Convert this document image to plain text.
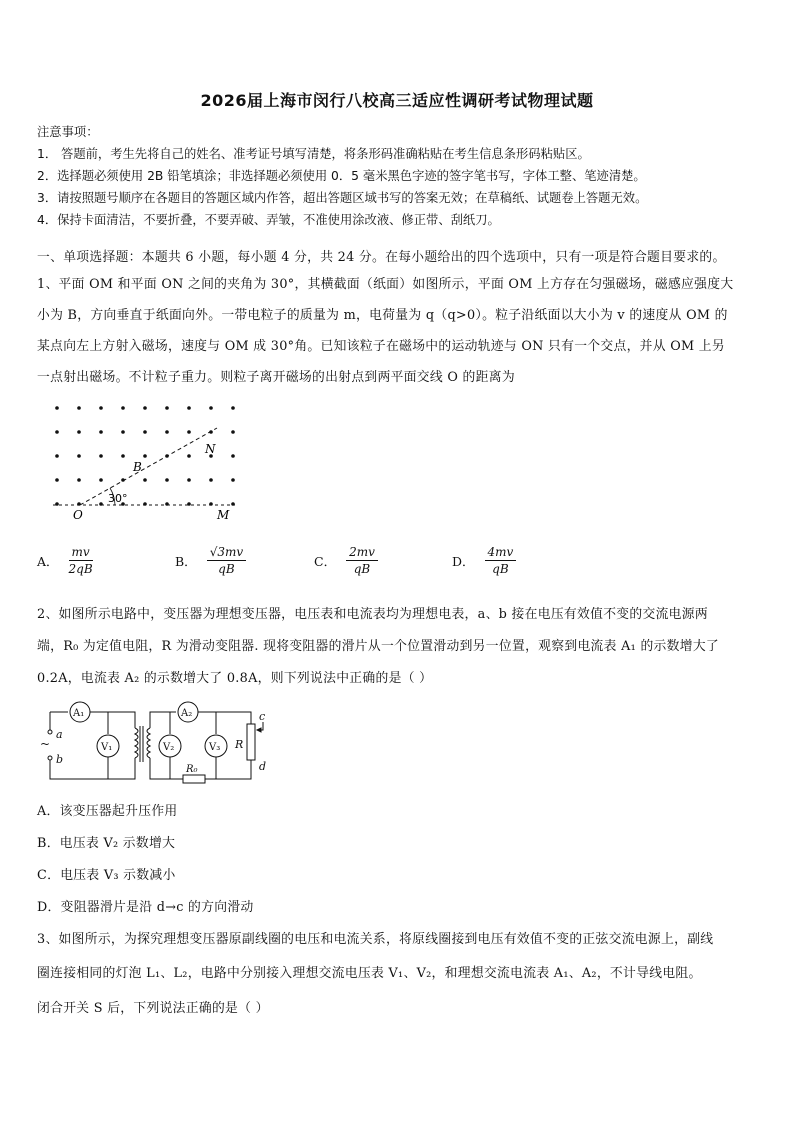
2026届上海市闵行八校高三适应性调研考试物理试题
注意事项：
1． 答题前，考生先将自己的姓名、准考证号填写清楚，将条形码准确粘贴在考生信息条形码粘贴区。
2．选择题必须使用 2B 铅笔填涂；非选择题必须使用 0．5 毫米黑色字迹的签字笔书写，字体工整、笔迹清楚。
3．请按照题号顺序在各题目的答题区域内作答，超出答题区域书写的答案无效；在草稿纸、试题卷上答题无效。
4．保持卡面清洁，不要折叠，不要弄破、弄皱，不准使用涂改液、修正带、刮纸刀。
一、单项选择题：本题共 6 小题，每小题 4 分，共 24 分。在每小题给出的四个选项中，只有一项是符合题目要求的。
1、平面 OM 和平面 ON 之间的夹角为 30°，其横截面（纸面）如图所示，平面 OM 上方存在匀强磁场，磁感应强度大
小为 B，方向垂直于纸面向外。一带电粒子的质量为 m，电荷量为 q（q>0）。粒子沿纸面以大小为 v 的速度从 OM 的
某点向左上方射入磁场，速度与 OM 成 30°角。已知该粒子在磁场中的运动轨迹与 ON 只有一个交点，并从 OM 上另
一点射出磁场。不计粒子重力。则粒子离开磁场的出射点到两平面交线 O 的距离为
B
N
O	M
30°
A． $\frac{mv}{2qB}$	B． $\frac{√3mv}{qB}$	C． $\frac{2mv}{qB}$	D． $\frac{4mv}{qB}$
2、如图所示电路中，变压器为理想变压器，电压表和电流表均为理想电表，a、b 接在电压有效值不变的交流电源两
端，R₀ 为定值电阻，R 为滑动变阻器. 现将变阻器的滑片从一个位置滑动到另一位置，观察到电流表 A₁ 的示数增大了
0.2A，电流表 A₂ 的示数增大了 0.8A，则下列说法中正确的是（ ）
A₁	A₂
V₁	V₂	V₃ R
R₀
a
b
c
d
~
A．该变压器起升压作用
B．电压表 V₂ 示数增大
C．电压表 V₃ 示数减小
D．变阻器滑片是沿 d→c 的方向滑动
3、如图所示，为探究理想变压器原副线圈的电压和电流关系，将原线圈接到电压有效值不变的正弦交流电源上，副线
圈连接相同的灯泡 L₁、L₂，电路中分别接入理想交流电压表 V₁、V₂，和理想交流电流表 A₁、A₂，不计导线电阻。
闭合开关 S 后，下列说法正确的是（ ）
